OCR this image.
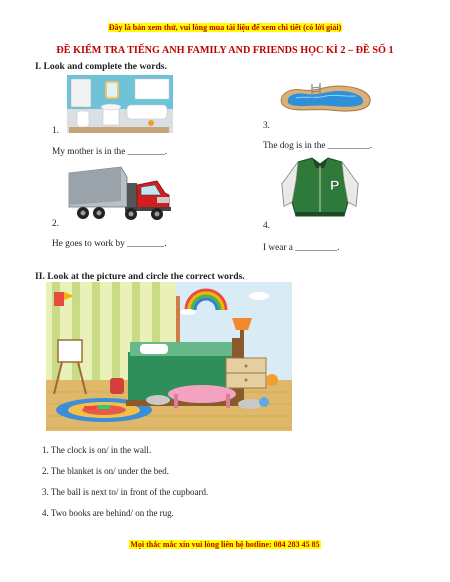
Đây là bản xem thử, vui lòng mua tài liệu để xem chi tiết (có lời giải)
ĐỀ KIỂM TRA TIẾNG ANH FAMILY AND FRIENDS HỌC KÌ 2 – ĐỀ SỐ 1
I. Look and complete the words.
1.
My mother is in the ________.
2.
He goes to work by ________.
3.
The dog is in the _________.
P
4.
I wear a _________.
II. Look at the picture and circle the correct words.
1. The clock is on/ in the wall.
2. The blanket is on/ under the bed.
3. The ball is next to/ in front of the cupboard.
4. Two books are behind/ on the rug.
Mọi thắc mắc xin vui lòng liên hệ hotline: 084 283 45 85
